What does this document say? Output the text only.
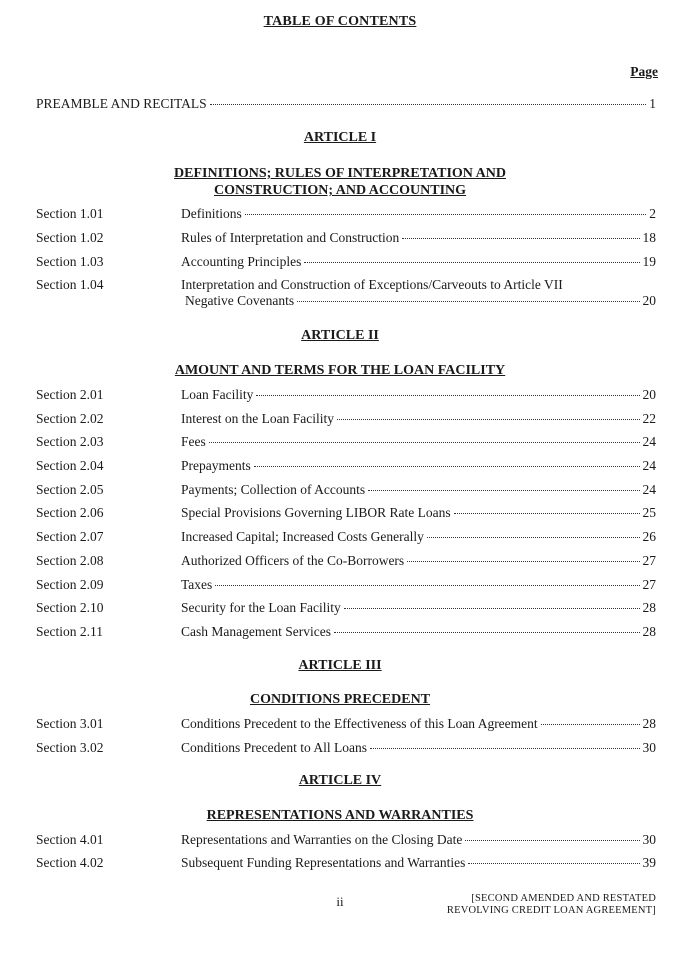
TABLE OF CONTENTS
Page
PREAMBLE AND RECITALS	1
ARTICLE I
DEFINITIONS; RULES OF INTERPRETATION AND
CONSTRUCTION; AND ACCOUNTING
Section 1.01	Definitions	2
Section 1.02	Rules of Interpretation and Construction	18
Section 1.03	Accounting Principles	19
Section 1.04	Interpretation and Construction of Exceptions/Carveouts to Article VII
Negative Covenants	20
ARTICLE II
AMOUNT AND TERMS FOR THE LOAN FACILITY
Section 2.01	Loan Facility	20
Section 2.02	Interest on the Loan Facility	22
Section 2.03	Fees	24
Section 2.04	Prepayments	24
Section 2.05	Payments; Collection of Accounts	24
Section 2.06	Special Provisions Governing LIBOR Rate Loans	25
Section 2.07	Increased Capital; Increased Costs Generally	26
Section 2.08	Authorized Officers of the Co-Borrowers	27
Section 2.09	Taxes	27
Section 2.10	Security for the Loan Facility	28
Section 2.11	Cash Management Services	28
ARTICLE III
CONDITIONS PRECEDENT
Section 3.01	Conditions Precedent to the Effectiveness of this Loan Agreement	28
Section 3.02	Conditions Precedent to All Loans	30
ARTICLE IV
REPRESENTATIONS AND WARRANTIES
Section 4.01	Representations and Warranties on the Closing Date	30
Section 4.02	Subsequent Funding Representations and Warranties	39
ii	[SECOND AMENDED AND RESTATED
REVOLVING CREDIT LOAN AGREEMENT]
